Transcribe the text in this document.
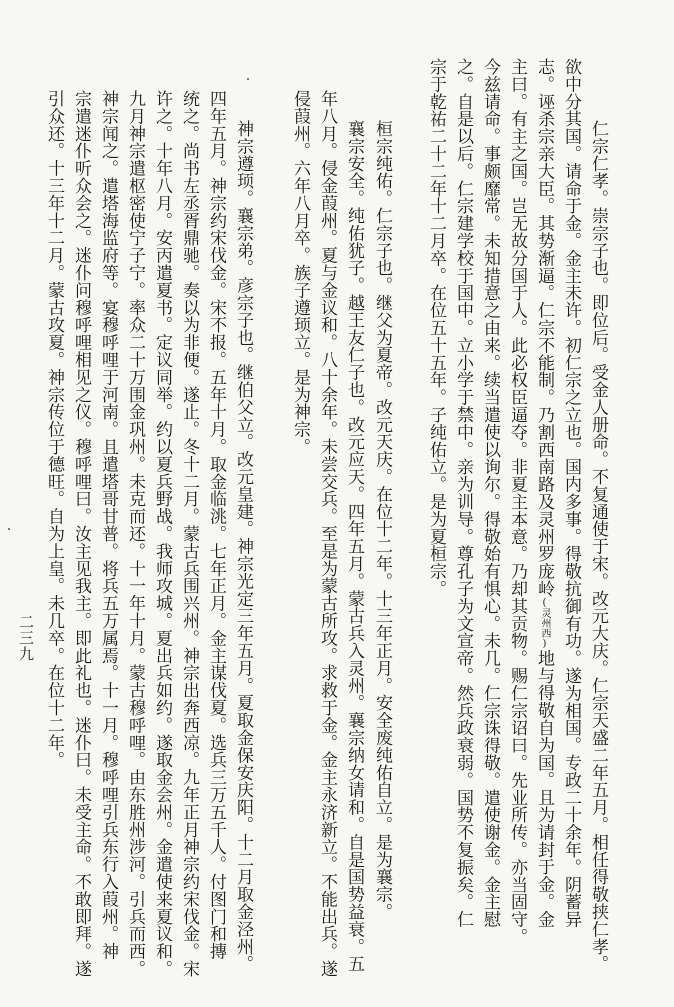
仁宗仁孝。崇宗子也。即位后。受金人册命。不复通使于宋。改元大庆。仁宗天盛二年五月。相任得敬挟仁孝。
欲中分其国。请命于金。金主未许。初仁宗之立也。国内多事。得敬抗御有功。遂为相国。专政二十余年。阴蓄异
志。诬杀宗亲大臣。其势渐逼。仁宗不能制。乃割西南路及灵州罗庞岭(灵州西)地与得敬自为国。且为请封于金。金
主曰。有主之国。岂无故分国于人。此必权臣逼夺。非夏主本意。乃却其贡物。赐仁宗诏曰。先业所传。亦当固守。
今兹请命。事颇靡常。未知措意之由来。续当遣使以询尔。得敬始有惧心。未几。仁宗诛得敬。遣使谢金。金主慰
之。自是以后。仁宗建学校于国中。立小学于禁中。亲为训导。尊孔子为文宣帝。然兵政衰弱。国势不复振矣。仁
宗于乾祐二十二年十二月卒。在位五十五年。子纯佑立。是为夏桓宗。
桓宗纯佑。仁宗子也。继父为夏帝。改元天庆。在位十二年。十三年正月。安全废纯佑自立。是为襄宗。
襄宗安全。纯佑犹子。越王友仁子也。改元应天。四年五月。蒙古兵入灵州。襄宗纳女请和。自是国势益衰。五
年八月。侵金葭州。夏与金议和。八十余年。未尝交兵。至是为蒙古所攻。求救于金。金主永济新立。不能出兵。遂
侵葭州。六年八月卒。族子遵顼立。是为神宗。
神宗遵顼。襄宗弟。彦宗子也。继伯父立。改元皇建。神宗光定三年五月。夏取金保安庆阳。十二月取金泾州。
四年五月。神宗约宋伐金。宋不报。五年十月。取金临洮。七年正月。金主谋伐夏。选兵三万五千人。付图门和摶
统之。尚书左丞胥鼎驰。奏以为非便。遂止。冬十二月。蒙古兵围兴州。神宗出奔西凉。九年正月神宗约宋伐金。宋
许之。十年八月。安丙遣夏书。定议同举。约以夏兵野战。我师攻城。夏出兵如约。遂取金会州。金遣使来夏议和。
九月神宗遣枢密使宁子宁。率众二十万围金巩州。未克而还。十一年十月。蒙古穆呼哩。由东胜州涉河。引兵而西。
神宗闻之。遣塔海监府等。宴穆呼哩于河南。且遣塔哥甘普。将兵五万属焉。十一月。穆呼哩引兵东行入葭州。神
宗遣迷仆听众会之。迷仆问穆呼哩相见之仪。穆呼哩曰。汝主见我主。即此礼也。迷仆曰。未受主命。不敢即拜。遂
引众还。十三年十二月。蒙古攻夏。神宗传位于德旺。自为上皇。未几卒。在位十二年。
二三九
